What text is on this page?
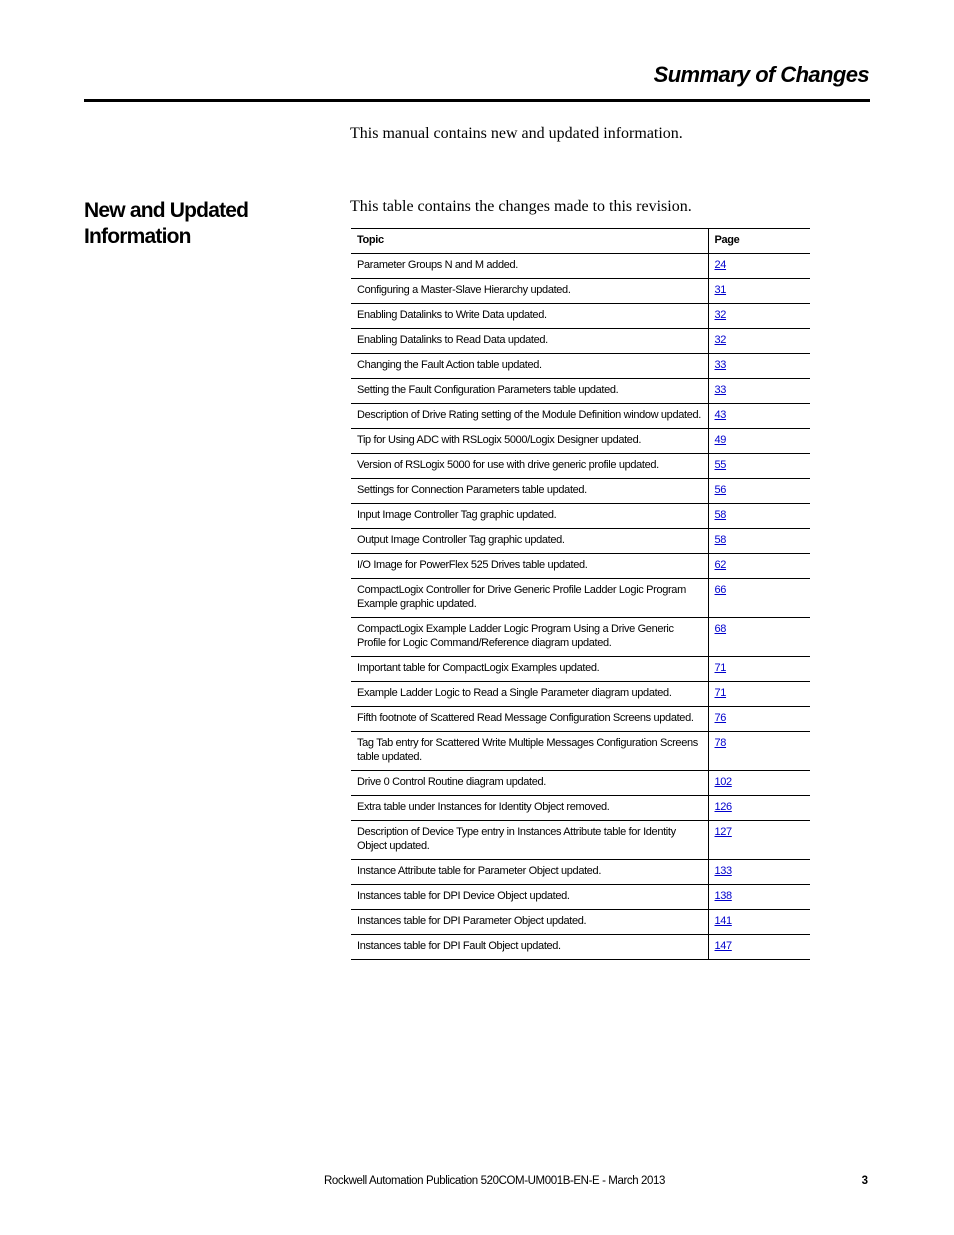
Summary of Changes

This manual contains new and updated information.

New and Updated Information

This table contains the changes made to this revision.

Topic	Page
Parameter Groups N and M added.	24
Configuring a Master-Slave Hierarchy updated.	31
Enabling Datalinks to Write Data updated.	32
Enabling Datalinks to Read Data updated.	32
Changing the Fault Action table updated.	33
Setting the Fault Configuration Parameters table updated.	33
Description of Drive Rating setting of the Module Definition window updated.	43
Tip for Using ADC with RSLogix 5000/Logix Designer updated.	49
Version of RSLogix 5000 for use with drive generic profile updated.	55
Settings for Connection Parameters table updated.	56
Input Image Controller Tag graphic updated.	58
Output Image Controller Tag graphic updated.	58
I/O Image for PowerFlex 525 Drives table updated.	62
CompactLogix Controller for Drive Generic Profile Ladder Logic Program Example graphic updated.	66
CompactLogix Example Ladder Logic Program Using a Drive Generic Profile for Logic Command/Reference diagram updated.	68
Important table for CompactLogix Examples updated.	71
Example Ladder Logic to Read a Single Parameter diagram updated.	71
Fifth footnote of Scattered Read Message Configuration Screens updated.	76
Tag Tab entry for Scattered Write Multiple Messages Configuration Screens table updated.	78
Drive 0 Control Routine diagram updated.	102
Extra table under Instances for Identity Object removed.	126
Description of Device Type entry in Instances Attribute table for Identity Object updated.	127
Instance Attribute table for Parameter Object updated.	133
Instances table for DPI Device Object updated.	138
Instances table for DPI Parameter Object updated.	141
Instances table for DPI Fault Object updated.	147
Rockwell Automation Publication 520COM-UM001B-EN-E - March 2013	3
